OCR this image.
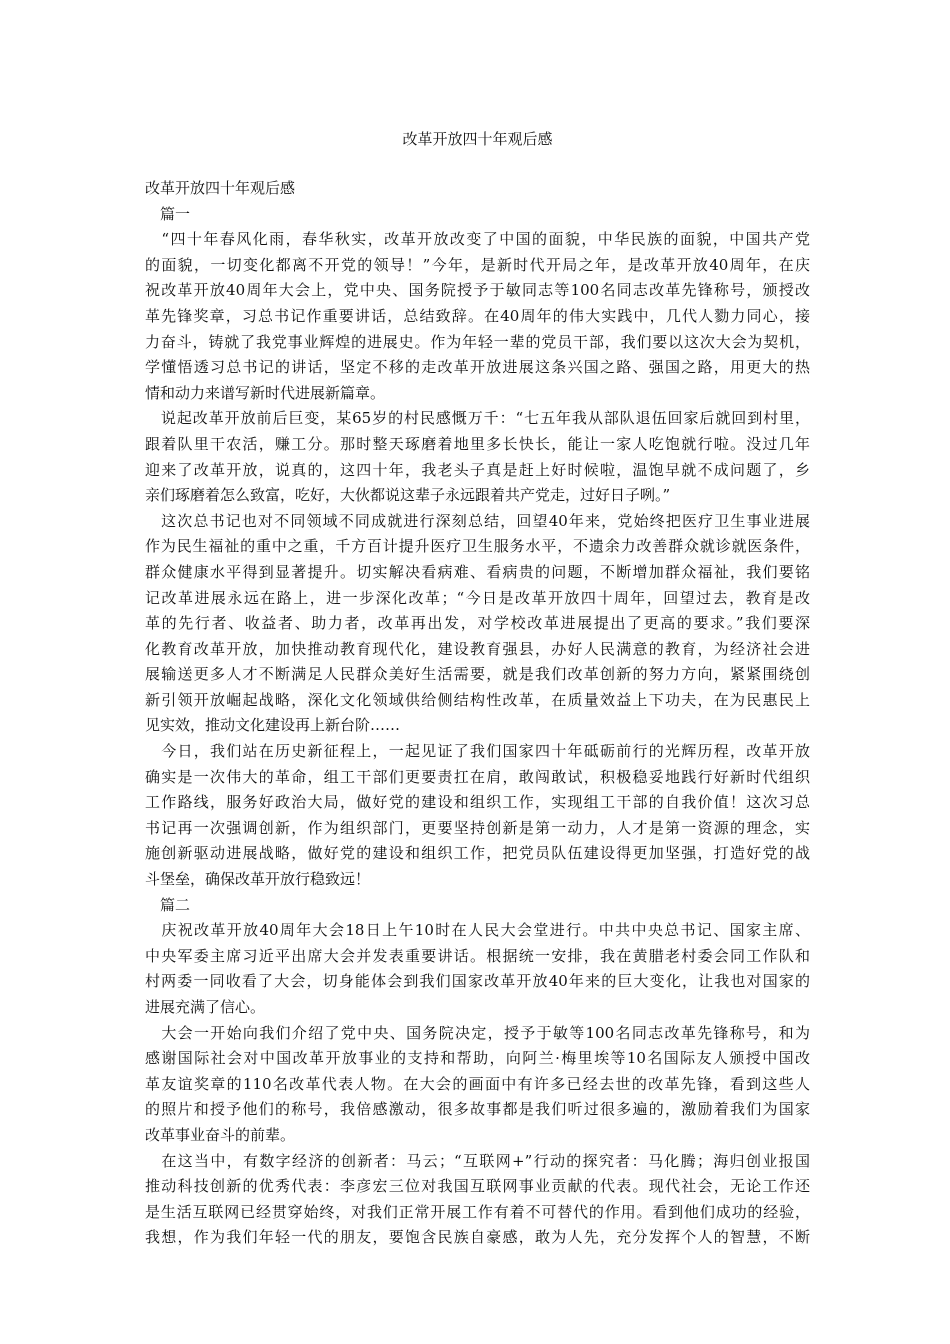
改革开放四十年观后感
改革开放四十年观后感
　篇一
　“四十年春风化雨，春华秋实，改革开放改变了中国的面貌，中华民族的面貌，中国共产党
的面貌，一切变化都离不开党的领导！”今年，是新时代开局之年，是改革开放40周年，在庆
祝改革开放40周年大会上，党中央、国务院授予于敏同志等100名同志改革先锋称号，颁授改
革先锋奖章，习总书记作重要讲话，总结致辞。在40周年的伟大实践中，几代人勠力同心，接
力奋斗，铸就了我党事业辉煌的进展史。作为年轻一辈的党员干部，我们要以这次大会为契机，
学懂悟透习总书记的讲话，坚定不移的走改革开放进展这条兴国之路、强国之路，用更大的热
情和动力来谱写新时代进展新篇章。
　说起改革开放前后巨变，某65岁的村民感慨万千：“七五年我从部队退伍回家后就回到村里，
跟着队里干农活，赚工分。那时整天琢磨着地里多长快长，能让一家人吃饱就行啦。没过几年
迎来了改革开放，说真的，这四十年，我老头子真是赶上好时候啦，温饱早就不成问题了，乡
亲们琢磨着怎么致富，吃好，大伙都说这辈子永远跟着共产党走，过好日子咧。”
　这次总书记也对不同领域不同成就进行深刻总结，回望40年来，党始终把医疗卫生事业进展
作为民生福祉的重中之重，千方百计提升医疗卫生服务水平，不遗余力改善群众就诊就医条件，
群众健康水平得到显著提升。切实解决看病难、看病贵的问题，不断增加群众福祉，我们要铭
记改革进展永远在路上，进一步深化改革；“今日是改革开放四十周年，回望过去，教育是改
革的先行者、收益者、助力者，改革再出发，对学校改革进展提出了更高的要求。”我们要深
化教育改革开放，加快推动教育现代化，建设教育强县，办好人民满意的教育，为经济社会进
展输送更多人才不断满足人民群众美好生活需要，就是我们改革创新的努力方向，紧紧围绕创
新引领开放崛起战略，深化文化领域供给侧结构性改革，在质量效益上下功夫，在为民惠民上
见实效，推动文化建设再上新台阶……
　今日，我们站在历史新征程上，一起见证了我们国家四十年砥砺前行的光辉历程，改革开放
确实是一次伟大的革命，组工干部们更要责扛在肩，敢闯敢试，积极稳妥地践行好新时代组织
工作路线，服务好政治大局，做好党的建设和组织工作，实现组工干部的自我价值！这次习总
书记再一次强调创新，作为组织部门，更要坚持创新是第一动力，人才是第一资源的理念，实
施创新驱动进展战略，做好党的建设和组织工作，把党员队伍建设得更加坚强，打造好党的战
斗堡垒，确保改革开放行稳致远！
　篇二
　庆祝改革开放40周年大会18日上午10时在人民大会堂进行。中共中央总书记、国家主席、
中央军委主席习近平出席大会并发表重要讲话。根据统一安排，我在黄腊老村委会同工作队和
村两委一同收看了大会，切身能体会到我们国家改革开放40年来的巨大变化，让我也对国家的
进展充满了信心。
　大会一开始向我们介绍了党中央、国务院决定，授予于敏等100名同志改革先锋称号，和为
感谢国际社会对中国改革开放事业的支持和帮助，向阿兰·梅里埃等10名国际友人颁授中国改
革友谊奖章的110名改革代表人物。在大会的画面中有许多已经去世的改革先锋，看到这些人
的照片和授予他们的称号，我倍感激动，很多故事都是我们听过很多遍的，激励着我们为国家
改革事业奋斗的前辈。
　在这当中，有数字经济的创新者：马云；“互联网+”行动的探究者：马化腾；海归创业报国
推动科技创新的优秀代表：李彦宏三位对我国互联网事业贡献的代表。现代社会，无论工作还
是生活互联网已经贯穿始终，对我们正常开展工作有着不可替代的作用。看到他们成功的经验，
我想，作为我们年轻一代的朋友，要饱含民族自豪感，敢为人先，充分发挥个人的智慧，不断
